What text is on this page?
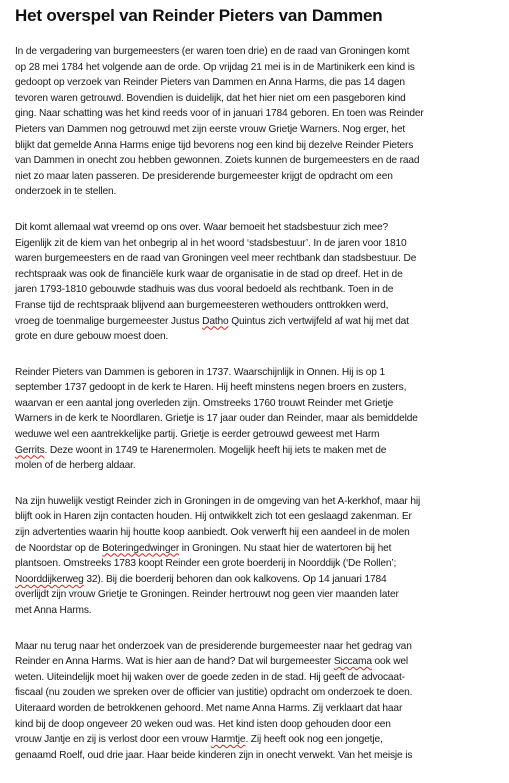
Het overspel van Reinder Pieters van Dammen
In de vergadering van burgemeesters (er waren toen drie) en de raad van Groningen komt
op 28 mei 1784 het volgende aan de orde. Op vrijdag 21 mei is in de Martinikerk een kind is
gedoopt op verzoek van Reinder Pieters van Dammen en Anna Harms, die pas 14 dagen
tevoren waren getrouwd. Bovendien is duidelijk, dat het hier niet om een pasgeboren kind
ging. Naar schatting was het kind reeds voor of in januari 1784 geboren. En toen was Reinder
Pieters van Dammen nog getrouwd met zijn eerste vrouw Grietje Warners. Nog erger, het
blijkt dat gemelde Anna Harms enige tijd bevorens nog een kind bij dezelve Reinder Pieters
van Dammen in onecht zou hebben gewonnen. Zoiets kunnen de burgemeesters en de raad
niet zo maar laten passeren. De presiderende burgemeester krijgt de opdracht om een
onderzoek in te stellen.
Dit komt allemaal wat vreemd op ons over. Waar bemoeit het stadsbestuur zich mee?
Eigenlijk zit de kiem van het onbegrip al in het woord ‘stadsbestuur’. In de jaren voor 1810
waren burgemeesters en de raad van Groningen veel meer rechtbank dan stadsbestuur. De
rechtspraak was ook de financiële kurk waar de organisatie in de stad op dreef. Het in de
jaren 1793-1810 gebouwde stadhuis was dus vooral bedoeld als rechtbank. Toen in de
Franse tijd de rechtspraak blijvend aan burgemeesteren wethouders onttrokken werd,
vroeg de toenmalige burgemeester Justus Datho Quintus zich vertwijfeld af wat hij met dat
grote en dure gebouw moest doen.
Reinder Pieters van Dammen is geboren in 1737. Waarschijnlijk in Onnen. Hij is op 1
september 1737 gedoopt in de kerk te Haren. Hij heeft minstens negen broers en zusters,
waarvan er een aantal jong overleden zijn. Omstreeks 1760 trouwt Reinder met Grietje
Warners in de kerk te Noordlaren. Grietje is 17 jaar ouder dan Reinder, maar als bemiddelde
weduwe wel een aantrekkelijke partij. Grietje is eerder getrouwd geweest met Harm
Gerrits. Deze woont in 1749 te Harenermolen. Mogelijk heeft hij iets te maken met de
molen of de herberg aldaar.
Na zijn huwelijk vestigt Reinder zich in Groningen in de omgeving van het A-kerkhof, maar hij
blijft ook in Haren zijn contacten houden. Hij ontwikkelt zich tot een geslaagd zakenman. Er
zijn advertenties waarin hij houtte koop aanbiedt. Ook verwerft hij een aandeel in de molen
de Noordstar op de Boteringedwinger in Groningen. Nu staat hier de watertoren bij het
plantsoen. Omstreeks 1783 koopt Reinder een grote boerderij in Noorddijk (‘De Rollen’;
Noorddijkerweg 32). Bij die boerderij behoren dan ook kalkovens. Op 14 januari 1784
overlijdt zijn vrouw Grietje te Groningen. Reinder hertrouwt nog geen vier maanden later
met Anna Harms.
Maar nu terug naar het onderzoek van de presiderende burgemeester naar het gedrag van
Reinder en Anna Harms. Wat is hier aan de hand? Dat wil burgemeester Siccama ook wel
weten. Uiteindelijk moet hij waken over de goede zeden in de stad. Hij geeft de advocaat-
fiscaal (nu zouden we spreken over de officier van justitie) opdracht om onderzoek te doen.
Uiteraard worden de betrokkenen gehoord. Met name Anna Harms. Zij verklaart dat haar
kind bij de doop ongeveer 20 weken oud was. Het kind isten doop gehouden door een
vrouw Jantje en zij is verlost door een vrouw Harmtje. Zij heeft ook nog een jongetje,
genaamd Roelf, oud drie jaar. Haar beide kinderen zijn in onecht verwekt. Van het meisje is
